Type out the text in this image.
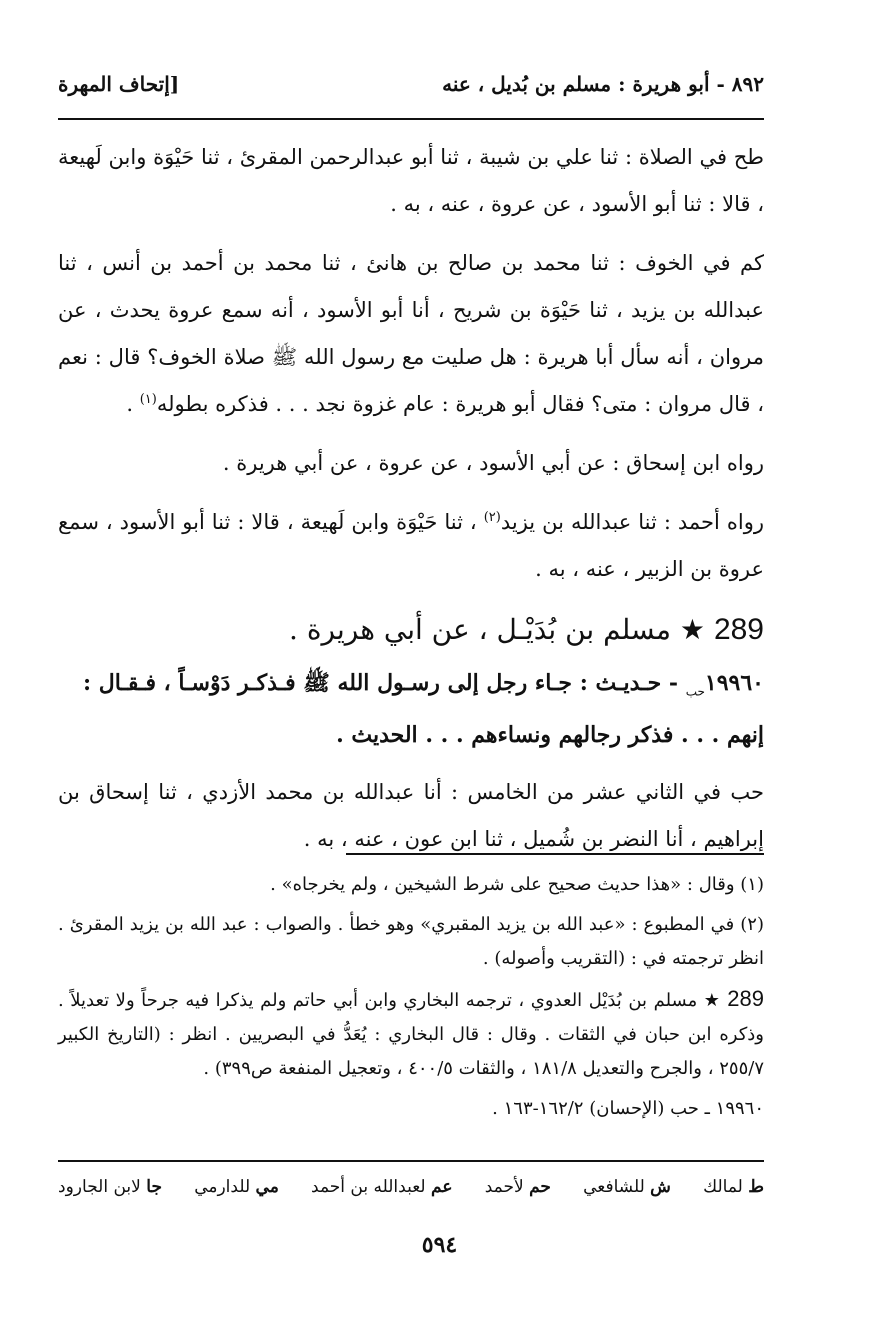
٨٩٢ - أبو هريرة : مسلم بن بُديل ، عنه
[إتحاف المهرة

طح في الصلاة : ثنا علي بن شيبة ، ثنا أبو عبدالرحمن المقرئ ، ثنا حَيْوَة وابن لَهيعة ، قالا : ثنا أبو الأسود ، عن عروة ، عنه ، به .

كم في الخوف : ثنا محمد بن صالح بن هانئ ، ثنا محمد بن أحمد بن أنس ، ثنا عبدالله بن يزيد ، ثنا حَيْوَة بن شريح ، أنا أبو الأسود ، أنه سمع عروة يحدث ، عن مروان ، أنه سأل أبا هريرة : هل صليت مع رسول الله ﷺ صلاة الخوف؟ قال : نعم ، قال مروان : متى؟ فقال أبو هريرة : عام غزوة نجد . . . فذكره بطوله$^{(١)}$ .

رواه ابن إسحاق : عن أبي الأسود ، عن عروة ، عن أبي هريرة .

رواه أحمد : ثنا عبدالله بن يزيد$^{(٢)}$ ، ثنا حَيْوَة وابن لَهيعة ، قالا : ثنا أبو الأسود ، سمع عروة بن الزبير ، عنه ، به .

289 ★ مسلم بن بُدَيْـل ، عن أبي هريرة .

$١٩٩٦٠_{حب}$ - حـديـث : جـاء رجل إلى رسـول الله ﷺ فـذكـر دَوْسـاً ، فـقـال : إنهم . . . فذكر رجالهم ونساءهم . . . الحديث .

حب في الثاني عشر من الخامس : أنا عبدالله بن محمد الأزدي ، ثنا إسحاق بن إبراهيم ، أنا النضر بن شُميل ، ثنا ابن عون ، عنه ، به .

(١) وقال : «هذا حديث صحيح على شرط الشيخين ، ولم يخرجاه» .

(٢) في المطبوع : «عبد الله بن يزيد المقبري» وهو خطأ . والصواب : عبد الله بن يزيد المقرئ . انظر ترجمته في : (التقريب وأصوله) .

289 ★ مسلم بن بُدَيْل العدوي ، ترجمه البخاري وابن أبي حاتم ولم يذكرا فيه جرحاً ولا تعديلاً . وذكره ابن حبان في الثقات . وقال : قال البخاري : يُعَدُّ في البصريين . انظر : (التاريخ الكبير ٢٥٥/٧ ، والجرح والتعديل ١٨١/٨ ، والثقات ٤٠٠/٥ ، وتعجيل المنفعة ص٣٩٩) .

١٩٩٦٠ ـ حب (الإحسان) ١٦٢/٢-١٦٣ .

ط لمالك
ش للشافعي
حم لأحمد
عم لعبدالله بن أحمد
مي للدارمي
جا لابن الجارود
٥٩٤
